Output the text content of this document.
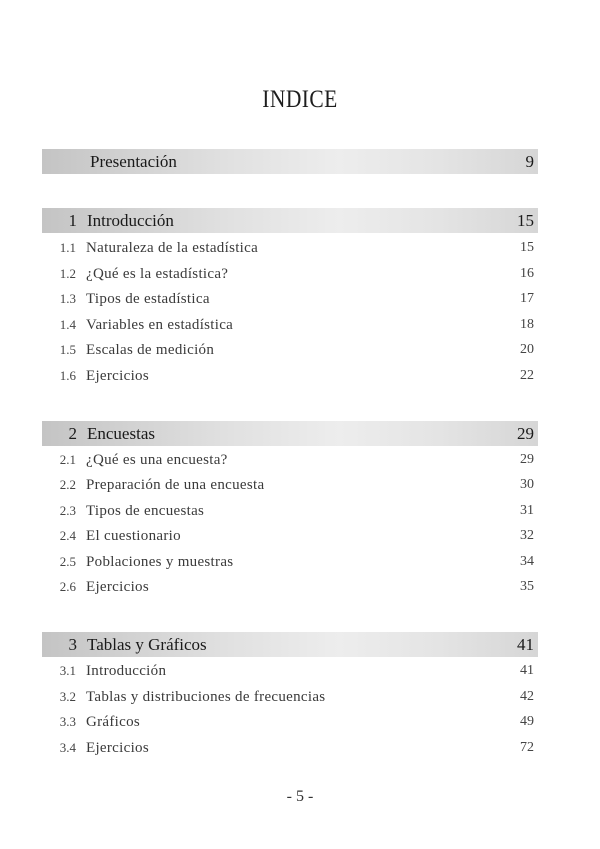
INDICE
Presentación	9
1 Introducción	15
1.1 Naturaleza de la estadística	15
1.2 ¿Qué es la estadística?	16
1.3 Tipos de estadística	17
1.4 Variables en estadística	18
1.5 Escalas de medición	20
1.6 Ejercicios	22
2 Encuestas	29
2.1 ¿Qué es una encuesta?	29
2.2 Preparación de una encuesta	30
2.3 Tipos de encuestas	31
2.4 El cuestionario	32
2.5 Poblaciones y muestras	34
2.6 Ejercicios	35
3 Tablas y Gráficos	41
3.1 Introducción	41
3.2 Tablas y distribuciones de frecuencias	42
3.3 Gráficos	49
3.4 Ejercicios	72
- 5 -
